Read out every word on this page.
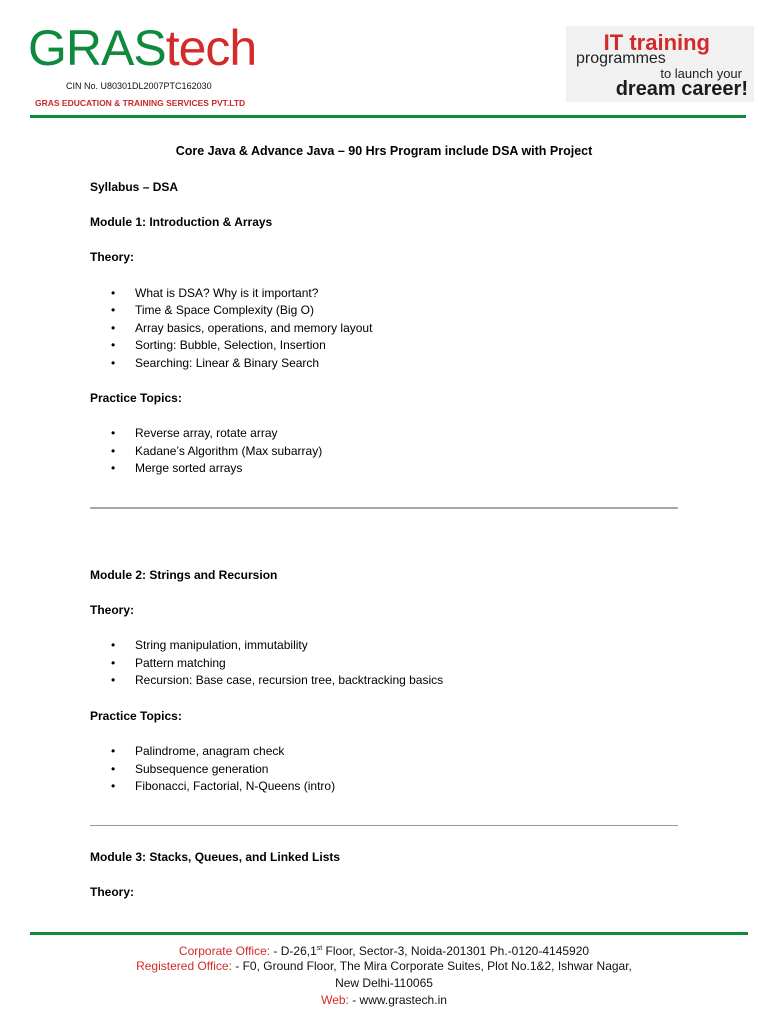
GRAStech
CIN No. U80301DL2007PTC162030
GRAS EDUCATION & TRAINING SERVICES PVT.LTD
IT training
programmes
to launch your
dream career!
Core Java & Advance Java – 90 Hrs Program include DSA with Project
Syllabus – DSA
Module 1: Introduction & Arrays
Theory:
•	What is DSA? Why is it important?
•	Time & Space Complexity (Big O)
•	Array basics, operations, and memory layout
•	Sorting: Bubble, Selection, Insertion
•	Searching: Linear & Binary Search
Practice Topics:
•	Reverse array, rotate array
•	Kadane’s Algorithm (Max subarray)
•	Merge sorted arrays
Module 2: Strings and Recursion
Theory:
•	String manipulation, immutability
•	Pattern matching
•	Recursion: Base case, recursion tree, backtracking basics
Practice Topics:
•	Palindrome, anagram check
•	Subsequence generation
•	Fibonacci, Factorial, N-Queens (intro)
Module 3: Stacks, Queues, and Linked Lists
Theory:
Corporate Office: - D-26,1st Floor, Sector-3, Noida-201301 Ph.-0120-4145920
Registered Office: - F0, Ground Floor, The Mira Corporate Suites, Plot No.1&2, Ishwar Nagar,
New Delhi-110065
Web: - www.grastech.in
